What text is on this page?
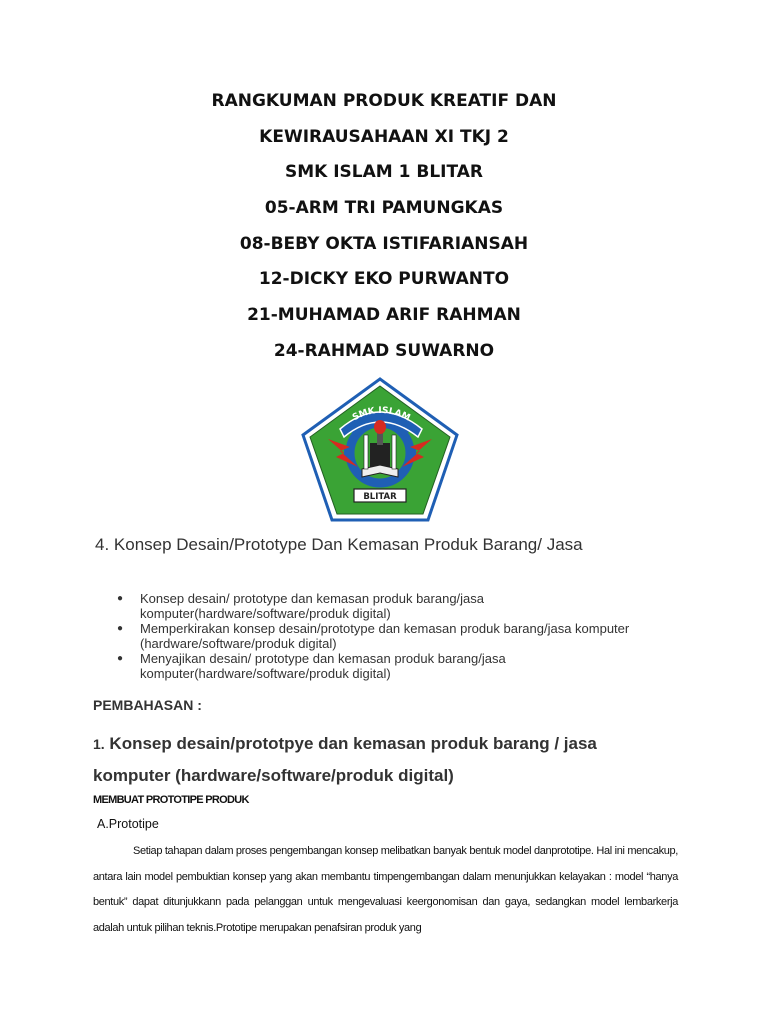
RANGKUMAN PRODUK KREATIF DAN
KEWIRAUSAHAAN XI TKJ 2
SMK ISLAM 1 BLITAR
05-ARM TRI PAMUNGKAS
08-BEBY OKTA ISTIFARIANSAH
12-DICKY EKO PURWANTO
21-MUHAMAD ARIF RAHMAN
24-RAHMAD SUWARNO
SMK ISLAM
BLITAR
4. Konsep Desain/Prototype Dan Kemasan Produk Barang/ Jasa
● Konsep desain/ prototype dan kemasan produk barang/jasa
komputer(hardware/software/produk digital)
● Memperkirakan konsep desain/prototype dan kemasan produk barang/jasa komputer
(hardware/software/produk digital)
● Menyajikan desain/ prototype dan kemasan produk barang/jasa
komputer(hardware/software/produk digital)
PEMBAHASAN :
1. Konsep desain/prototpye dan kemasan produk barang / jasa
komputer (hardware/software/produk digital)
MEMBUAT PROTOTIPE PRODUK
A.Prototipe
Setiap tahapan dalam proses pengembangan konsep melibatkan banyak bentuk model danprototipe. Hal ini mencakup, antara lain model pembuktian konsep yang akan membantu timpengembangan dalam menunjukkan kelayakan : model “hanya bentuk” dapat ditunjukkann pada pelanggan untuk mengevaluasi keergonomisan dan gaya, sedangkan model lembarkerja adalah untuk pilihan teknis.Prototipe merupakan penafsiran produk yang
